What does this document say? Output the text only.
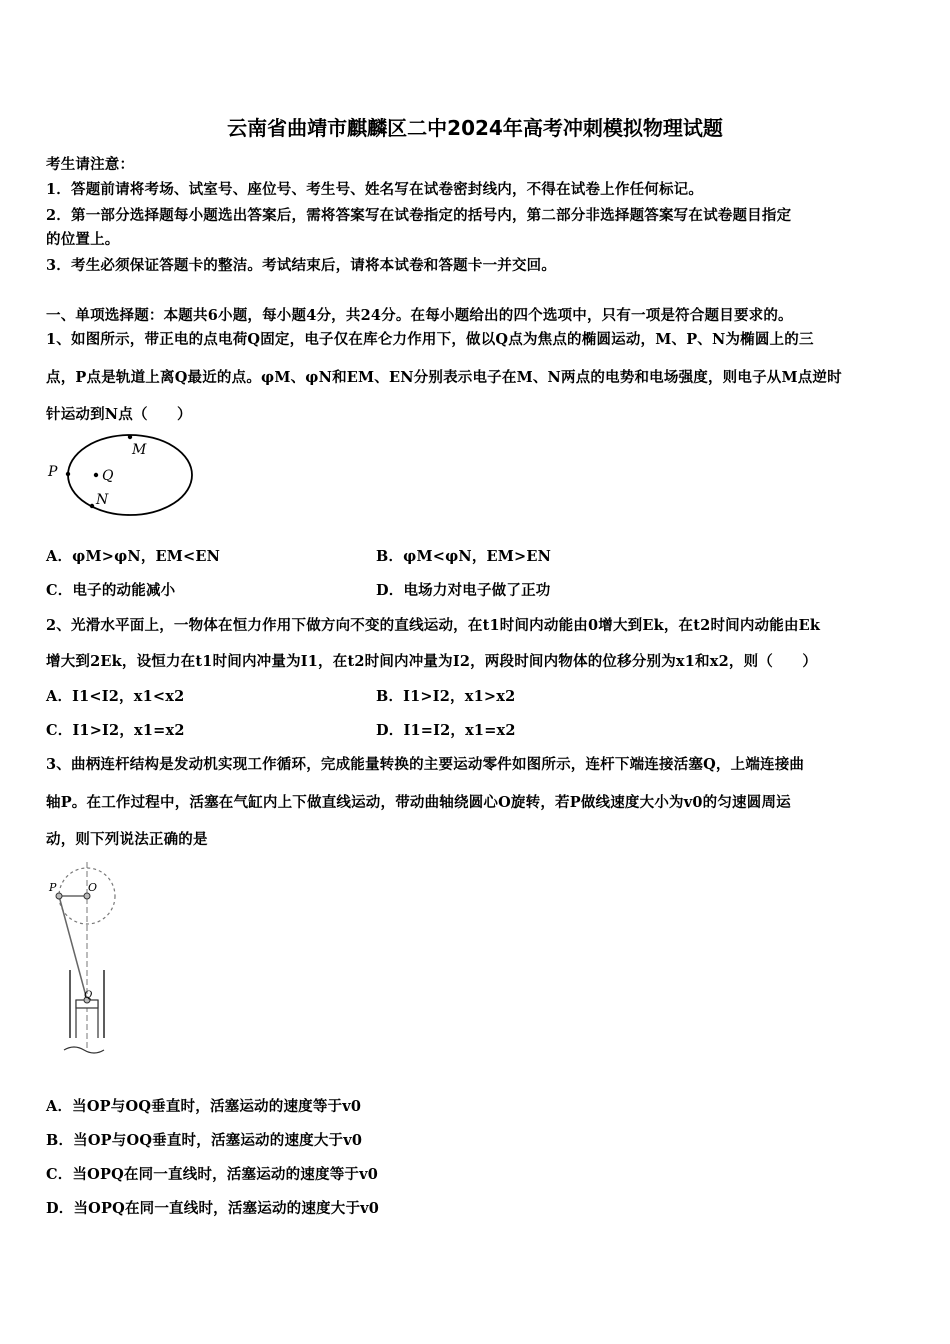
云南省曲靖市麒麟区二中2024年高考冲刺模拟物理试题
考生请注意：
1．答题前请将考场、试室号、座位号、考生号、姓名写在试卷密封线内，不得在试卷上作任何标记。
2．第一部分选择题每小题选出答案后，需将答案写在试卷指定的括号内，第二部分非选择题答案写在试卷题目指定
的位置上。
3．考生必须保证答题卡的整洁。考试结束后，请将本试卷和答题卡一并交回。
一、单项选择题：本题共6小题，每小题4分，共24分。在每小题给出的四个选项中，只有一项是符合题目要求的。
1、如图所示，带正电的点电荷Q固定，电子仅在库仑力作用下，做以Q点为焦点的椭圆运动，M、P、N为椭圆上的三
点，P点是轨道上离Q最近的点。φM、φN和EM、EN分别表示电子在M、N两点的电势和电场强度，则电子从M点逆时
针运动到N点（　　）
M
P	Q
N
A．φM>φN，EM<EN	B．φM<φN，EM>EN
C．电子的动能减小	D．电场力对电子做了正功
2、光滑水平面上，一物体在恒力作用下做方向不变的直线运动，在t1时间内动能由0增大到Ek，在t2时间内动能由Ek
增大到2Ek，设恒力在t1时间内冲量为I1，在t2时间内冲量为I2，两段时间内物体的位移分别为x1和x2，则（　　）
A．I1<I2，x1<x2	B．I1>I2，x1>x2
C．I1>I2，x1=x2	D．I1=I2，x1=x2
3、曲柄连杆结构是发动机实现工作循环，完成能量转换的主要运动零件如图所示，连杆下端连接活塞Q，上端连接曲
轴P。在工作过程中，活塞在气缸内上下做直线运动，带动曲轴绕圆心O旋转，若P做线速度大小为v0的匀速圆周运
动，则下列说法正确的是
P	O
Q
A．当OP与OQ垂直时，活塞运动的速度等于v0
B．当OP与OQ垂直时，活塞运动的速度大于v0
C．当OPQ在同一直线时，活塞运动的速度等于v0
D．当OPQ在同一直线时，活塞运动的速度大于v0
